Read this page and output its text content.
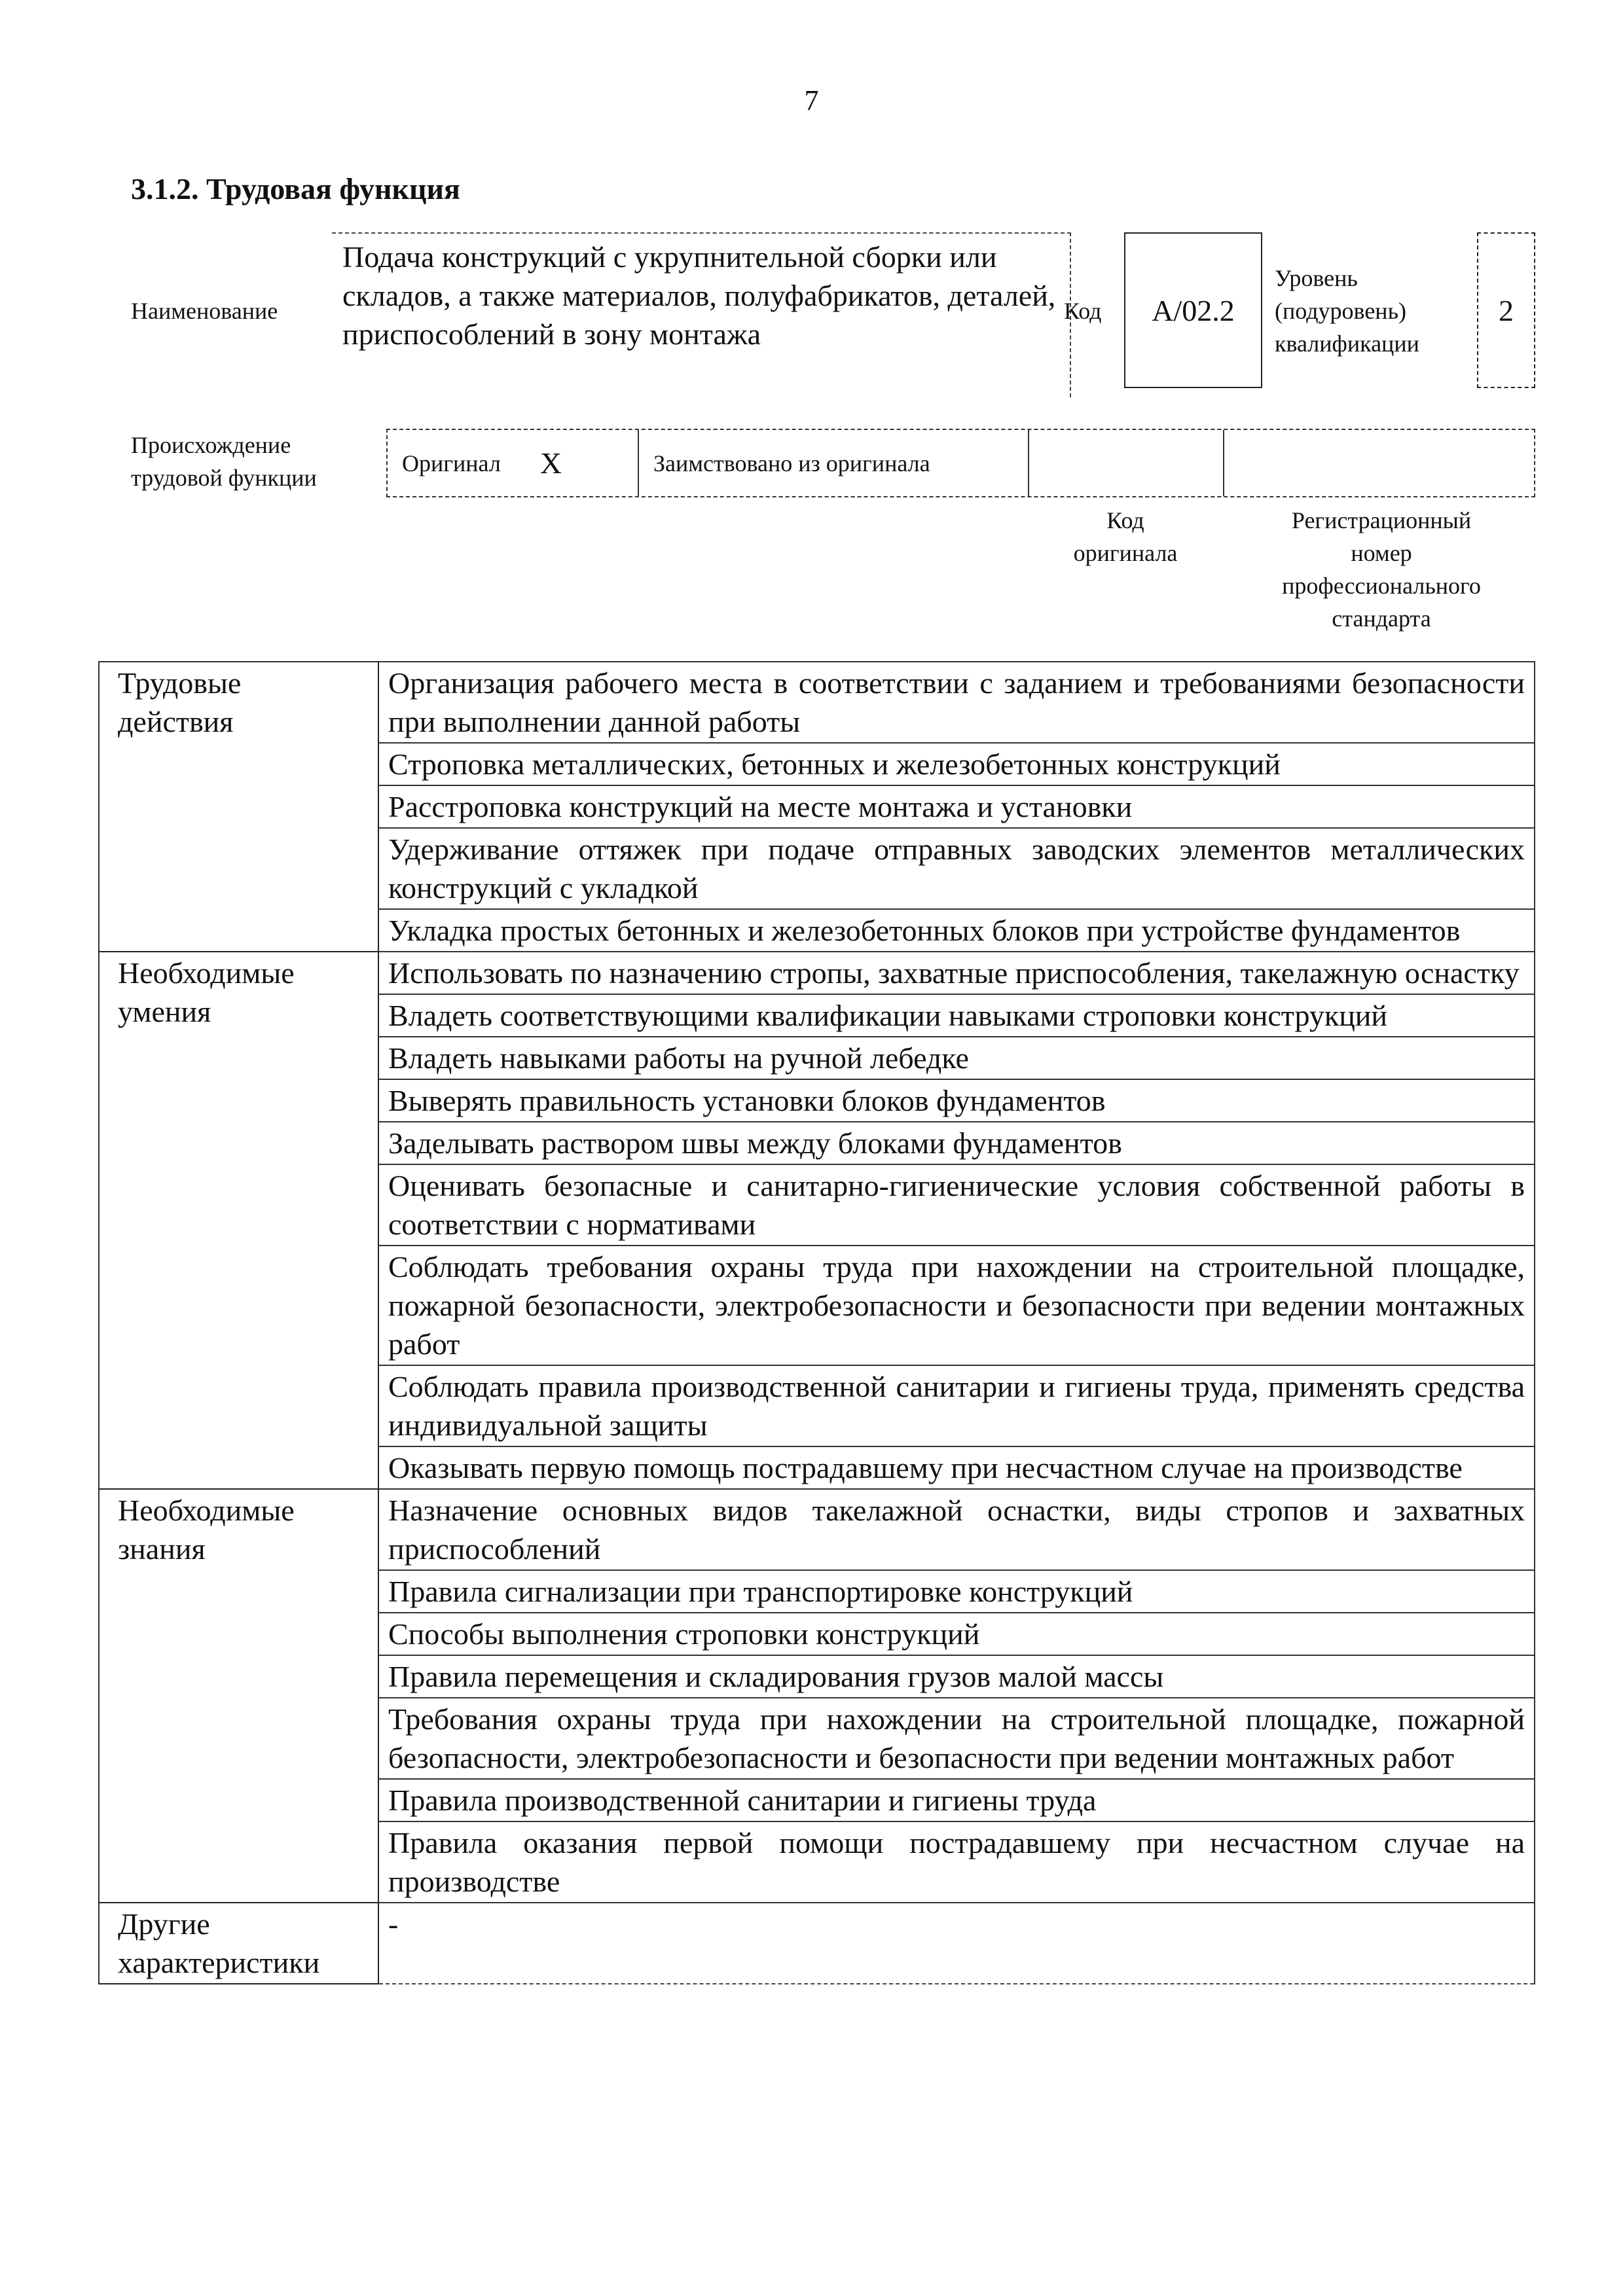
7
3.1.2. Трудовая функция
Наименование
Подача конструкций с укрупнительной сборки или складов, а также материалов, полуфабрикатов, деталей, приспособлений в зону монтажа
Код	А/02.2
Уровень
(подуровень)
квалификации
2
Происхождение
трудовой функции
Оригинал X	Заимствовано из оригинала
Код
оригинала
Регистрационный
номер
профессионального
стандарта
Трудовые
действия	Организация рабочего места в соответствии с заданием и требованиями безопасности при выполнении данной работы
	Строповка металлических, бетонных и железобетонных конструкций
	Расстроповка конструкций на месте монтажа и установки
	Удерживание оттяжек при подаче отправных заводских элементов металлических конструкций с укладкой
	Укладка простых бетонных и железобетонных блоков при устройстве фундаментов

Необходимые
умения	Использовать по назначению стропы, захватные приспособления, такелажную оснастку
	Владеть соответствующими квалификации навыками строповки конструкций
	Владеть навыками работы на ручной лебедке
	Выверять правильность установки блоков фундаментов
	Заделывать раствором швы между блоками фундаментов
	Оценивать безопасные и санитарно-гигиенические условия собственной работы в соответствии с нормативами
	Соблюдать требования охраны труда при нахождении на строительной площадке, пожарной безопасности, электробезопасности и безопасности при ведении монтажных работ
	Соблюдать правила производственной санитарии и гигиены труда, применять средства индивидуальной защиты
	Оказывать первую помощь пострадавшему при несчастном случае на производстве

Необходимые
знания	Назначение основных видов такелажной оснастки, виды стропов и захватных приспособлений
	Правила сигнализации при транспортировке конструкций
	Способы выполнения строповки конструкций
	Правила перемещения и складирования грузов малой массы
	Требования охраны труда при нахождении на строительной площадке, пожарной безопасности, электробезопасности и безопасности при ведении монтажных работ
	Правила производственной санитарии и гигиены труда
	Правила оказания первой помощи пострадавшему при несчастном случае на производстве

Другие
характеристики	-
